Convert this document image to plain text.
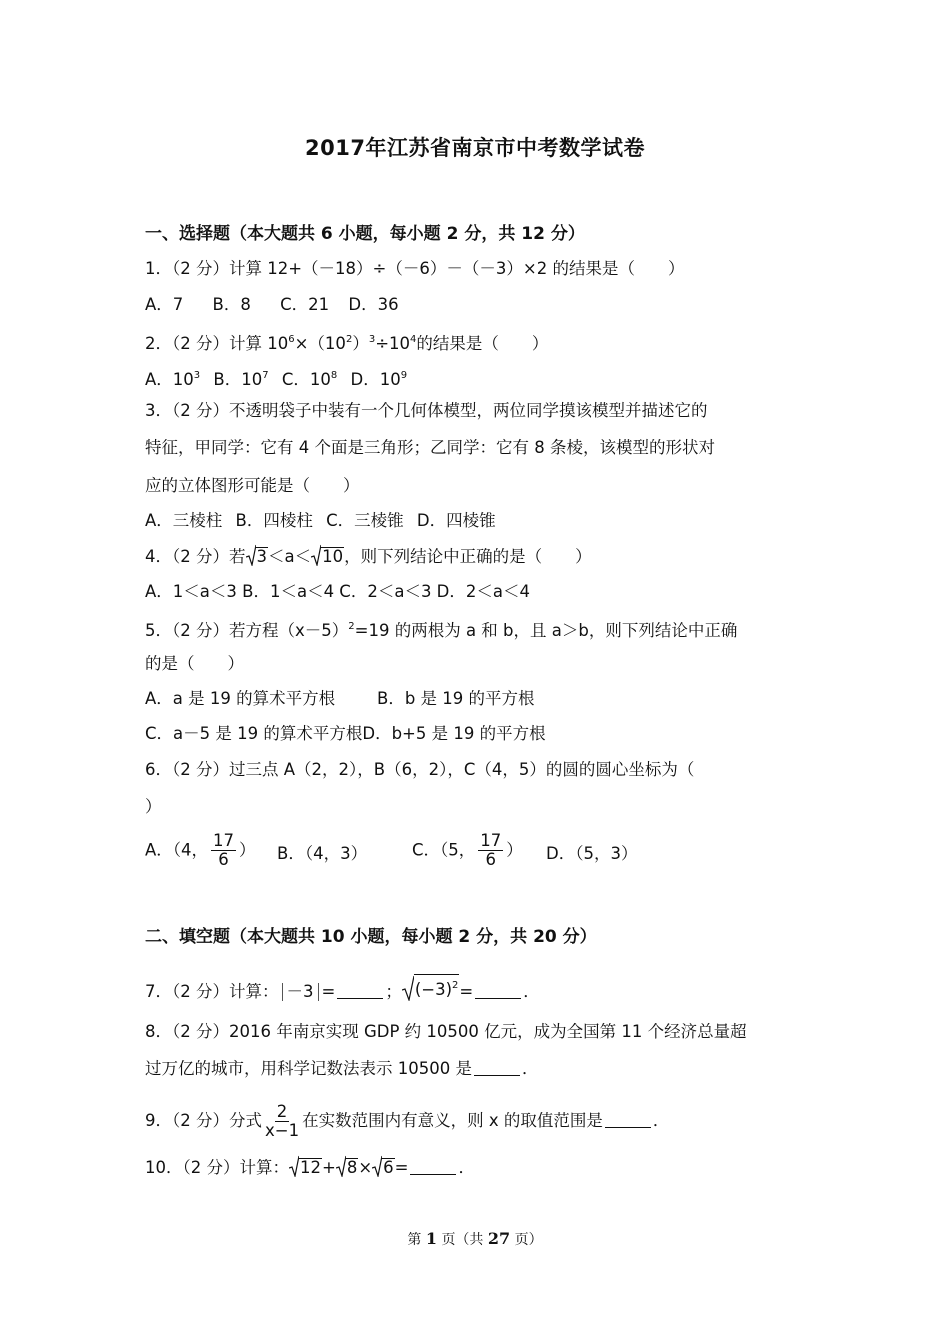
2017年江苏省南京市中考数学试卷
一、选择题（本大题共 6 小题，每小题 2 分，共 12 分）
1．（2 分）计算 12+（－18）÷（－6）－（－3）×2 的结果是（　　）
A．7 B．8 C．21 D．36
2．（2 分）计算 $10^6\times(10^2)^3\div 10^4$的结果是（　　）
A．$10^3$ B．$10^7$ C．$10^8$ D．$10^9$
3．（2 分）不透明袋子中装有一个几何体模型，两位同学摸该模型并描述它的
特征，甲同学：它有 4 个面是三角形；乙同学：它有 8 条棱，该模型的形状对
应的立体图形可能是（　　）
A．三棱柱 B．四棱柱 C．三棱锥 D．四棱锥
4．（2 分）若 3 ＜a＜ 10 ，则下列结论中正确的是（　　）
A．1＜a＜3 B．1＜a＜4 C．2＜a＜3 D．2＜a＜4
5．（2 分）若方程$(x-5)^2=19$ 的两根为 a 和 b，且 a＞b，则下列结论中正确
的是（　　）
A．a 是 19 的算术平方根	B．b 是 19 的平方根
C．a－5 是 19 的算术平方根D．b+5 是 19 的平方根
6．（2 分）过三点 A（2，2），B（6，2），C（4，5）的圆的圆心坐标为（
）
A．（4， $\frac{17}{6}$ ） B．（4，3）	C．（5， $\frac{17}{6}$ ） D．（5，3）
二、填空题（本大题共 10 小题，每小题 2 分，共 20 分）
7．（2 分）计算： －3 =	； $(-3)^2$ =	．
8．（2 分）2016 年南京实现 GDP 约 10500 亿元，成为全国第 11 个经济总量超
过万亿的城市，用科学记数法表示 10500 是	．
9．（2 分）分式 $\frac{2}{x-1}$ 在实数范围内有意义，则 x 的取值范围是	．
10．（2 分）计算： 12 + 8 × 6 =	．
第 1 页（共 27 页）
